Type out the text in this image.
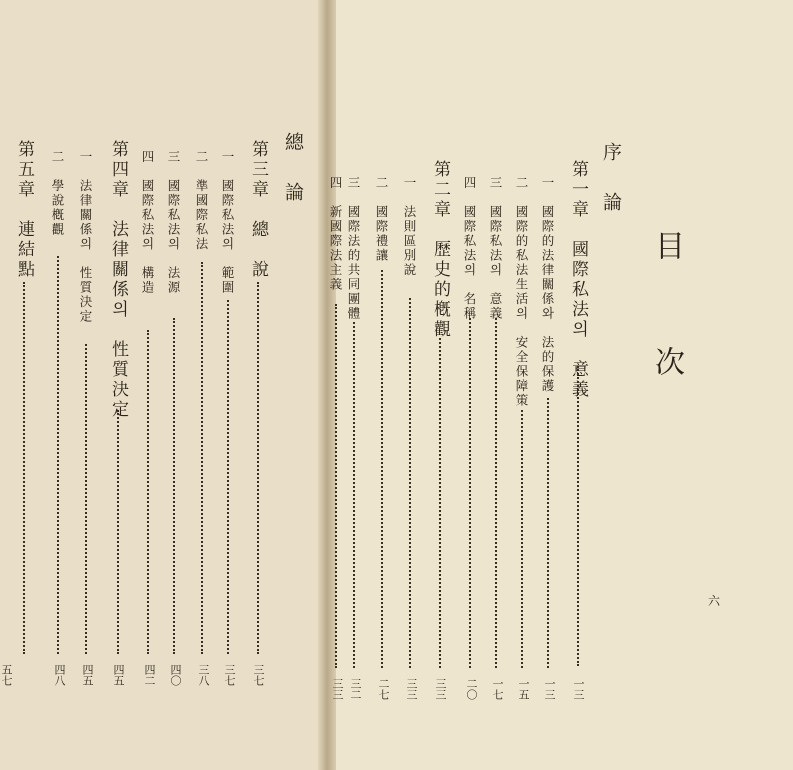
目　次
六
序　論
第一章　國際私法의　意義
一三
一　國際的法律關係와　法的保護
一三
二　國際的私法生活의　安全保障策
一五
三　國際私法의　意義
一七
四　國際私法의　名稱
二〇
第二章　歷史的槪觀
三三
一　法則區別說
三三
二　國際禮讓
二七
三　國際法的共同團體
三二
四　新國際法主義
三三
總　論
第三章　總　說
三七
一　國際私法의　範圍
三七
二　準國際私法
三八
三　國際私法의　法源
四〇
四　國際私法의　構造
四二
第四章　法律關係의　性質決定
四五
一　法律關係의　性質決定
四五
二　學說槪觀
四八
第五章　連結點
五七
